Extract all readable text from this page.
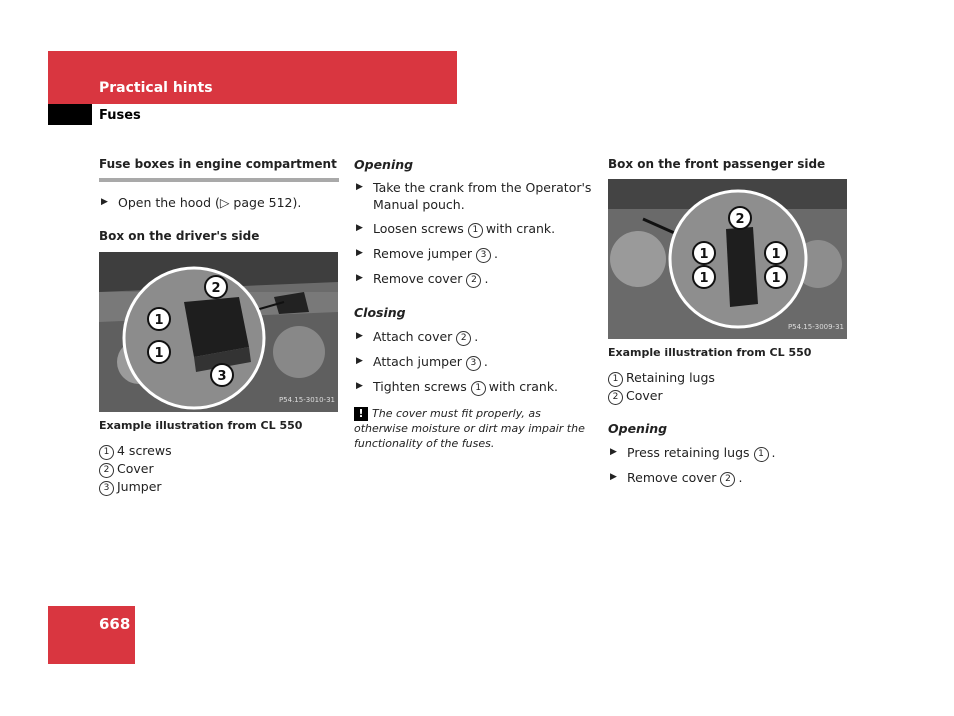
Practical hints
Fuses

Fuse boxes in engine compartment

▶ Open the hood (▷ page 512).

Box on the driver's side

2
1
1
3
P54.15-3010-31

Example illustration from CL 550

1 4 screws

2 Cover

3 Jumper

Opening

▶ Take the crank from the Operator's Manual pouch.

▶ Loosen screws 1 with crank.

▶ Remove jumper 3 .

▶ Remove cover 2 .

Closing

▶ Attach cover 2 .

▶ Attach jumper 3 .

▶ Tighten screws 1 with crank.

! The cover must fit properly, as otherwise moisture or dirt may impair the functionality of the fuses.

Box on the front passenger side

2
1
1
1
1
P54.15-3009-31

Example illustration from CL 550

1 Retaining lugs

2 Cover

Opening

▶ Press retaining lugs 1 .

▶ Remove cover 2 .

668
